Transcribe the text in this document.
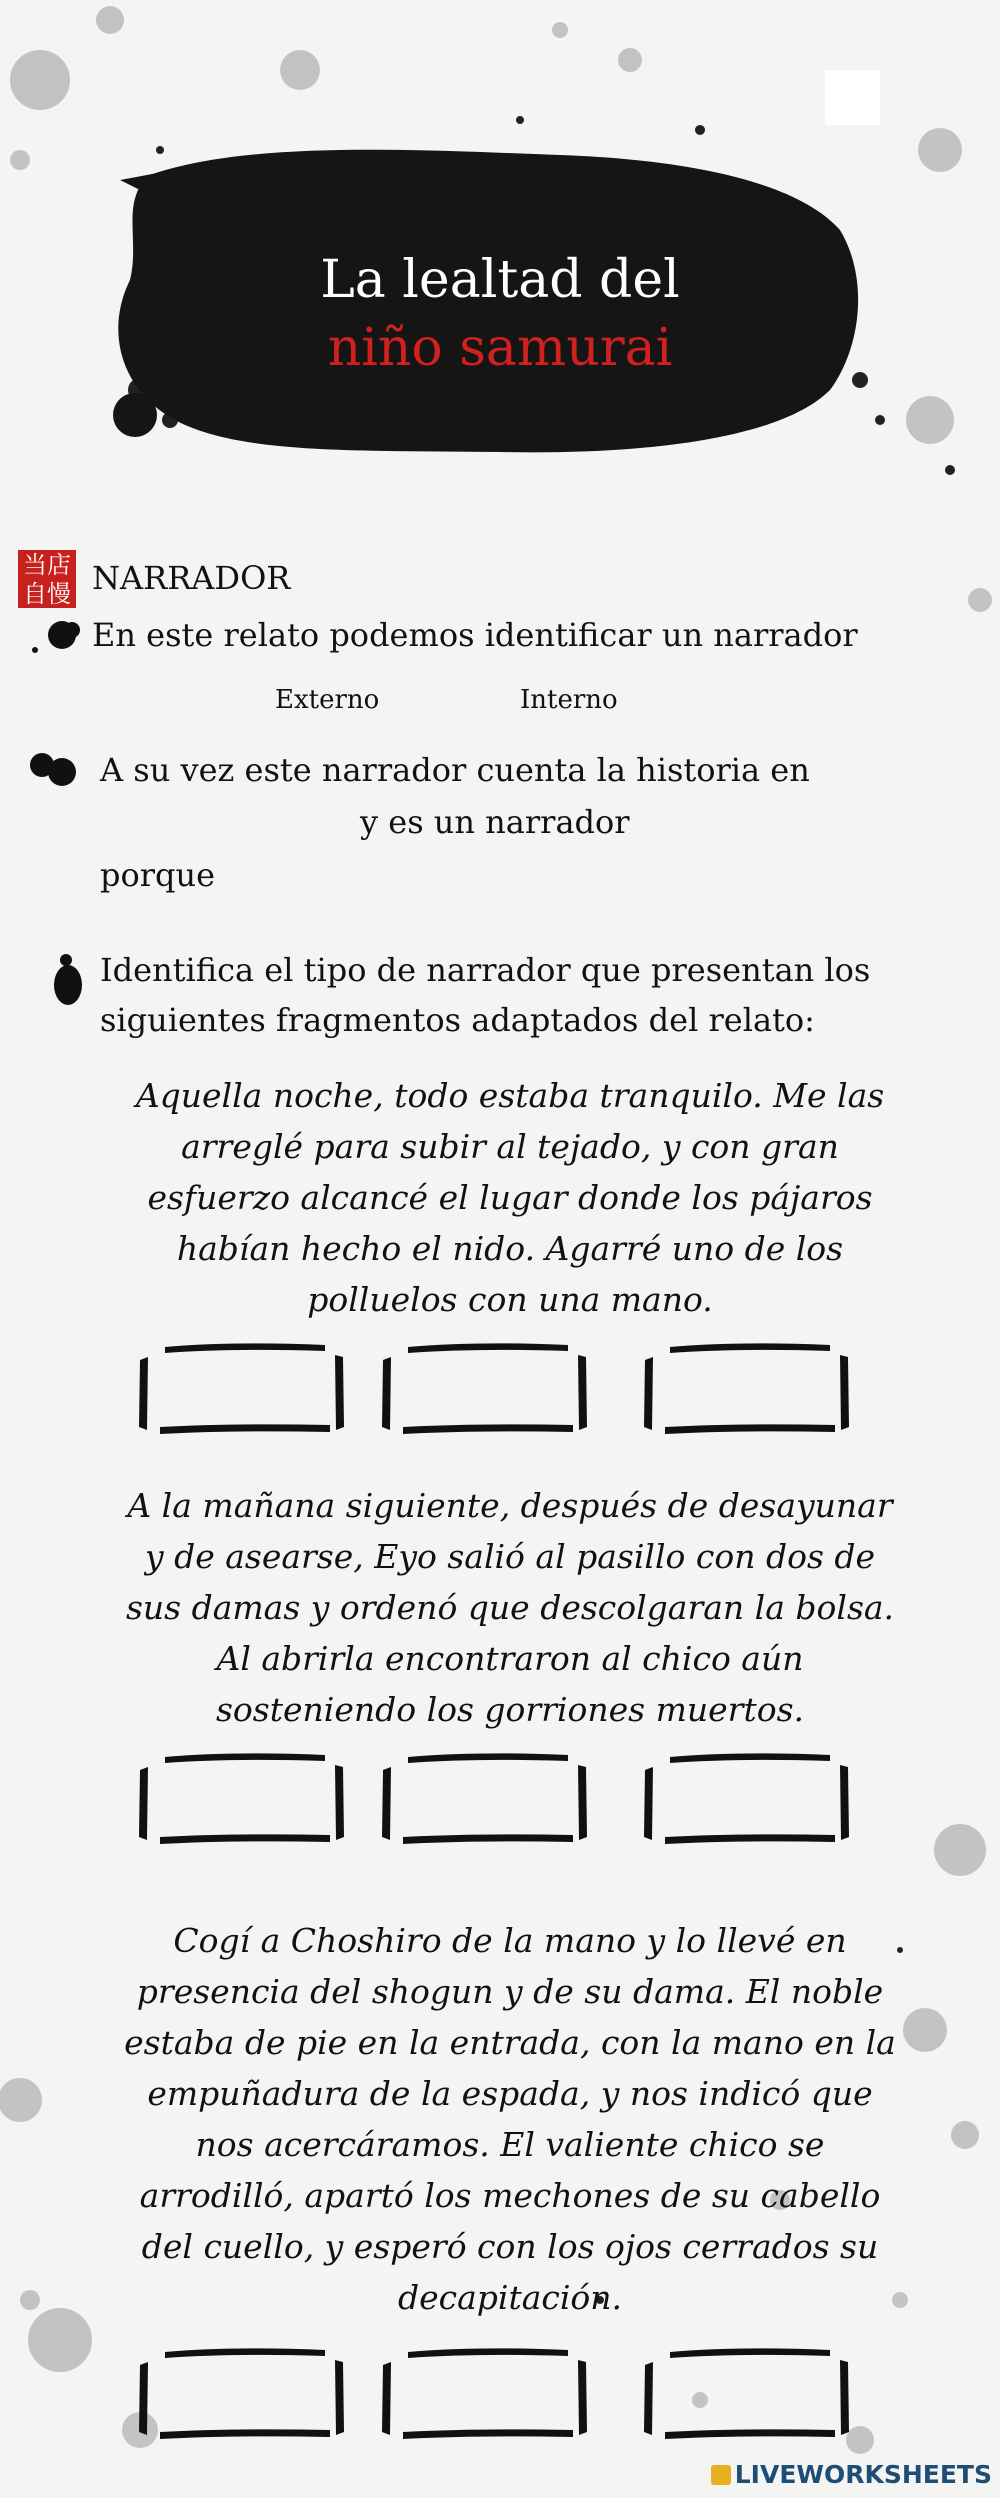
La lealtad del
niño samurai
当 店
自 慢 NARRADOR
En este relato podemos identificar un narrador
Externo	Interno
A su vez este narrador cuenta la historia en
y es un narrador
porque
Identifica el tipo de narrador que presentan los
siguientes fragmentos adaptados del relato:
Aquella noche, todo estaba tranquilo. Me las
arreglé para subir al tejado, y con gran
esfuerzo alcancé el lugar donde los pájaros
habían hecho el nido. Agarré uno de los
polluelos con una mano.
A la mañana siguiente, después de desayunar
y de asearse, Eyo salió al pasillo con dos de
sus damas y ordenó que descolgaran la bolsa.
Al abrirla encontraron al chico aún
sosteniendo los gorriones muertos.
Cogí a Choshiro de la mano y lo llevé en
presencia del shogun y de su dama. El noble
estaba de pie en la entrada, con la mano en la
empuñadura de la espada, y nos indicó que
nos acercáramos. El valiente chico se
arrodilló, apartó los mechones de su cabello
del cuello, y esperó con los ojos cerrados su
decapitación.
LIVEWORKSHEETS
